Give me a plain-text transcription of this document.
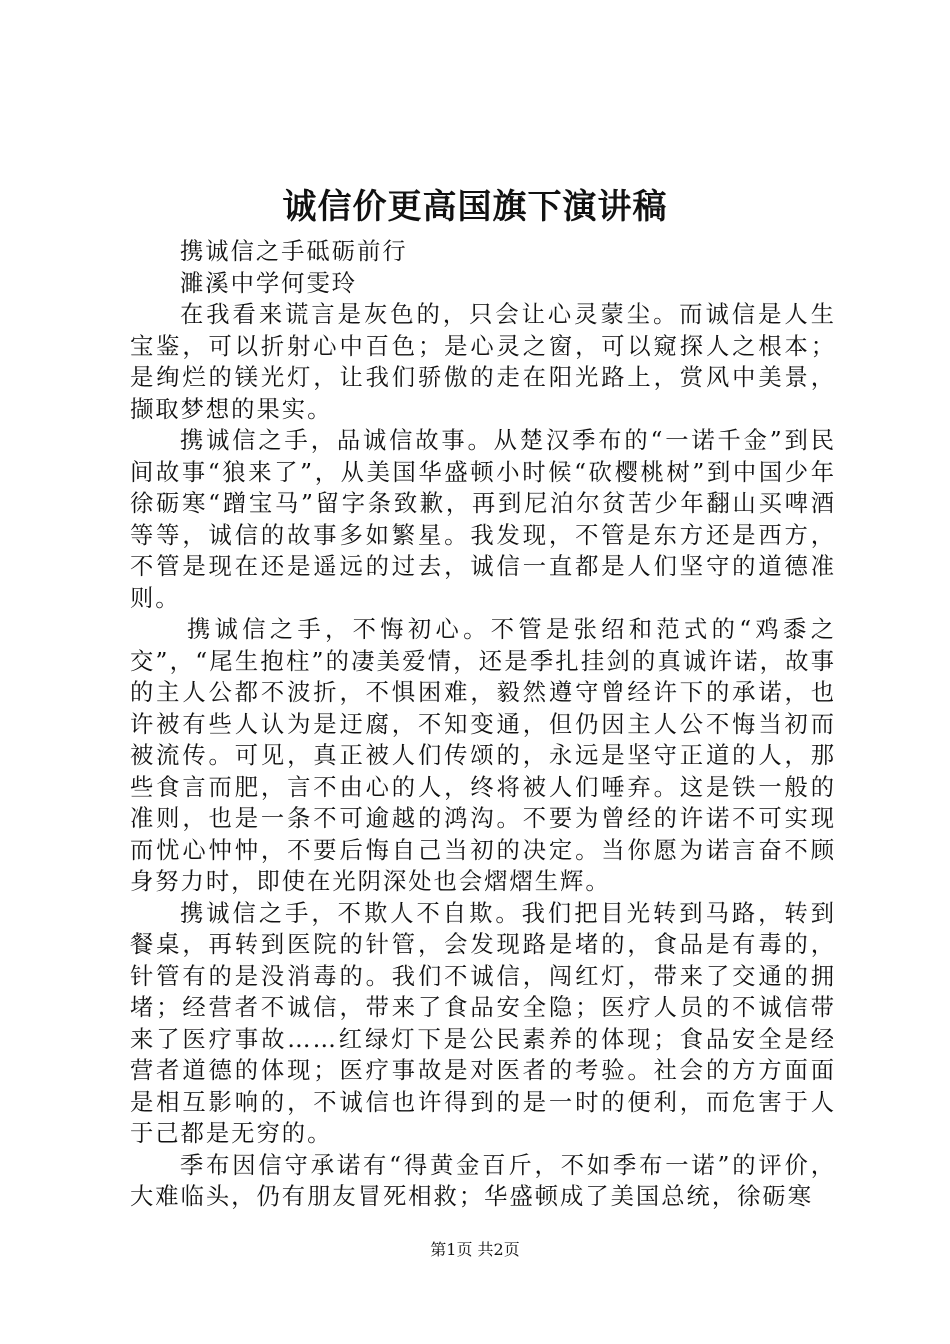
诚信价更高国旗下演讲稿

携诚信之手砥砺前行

濉溪中学何雯玲

在我看来谎言是灰色的，只会让心灵蒙尘。而诚信是人生宝鉴，可以折射心中百色；是心灵之窗，可以窥探人之根本；是绚烂的镁光灯，让我们骄傲的走在阳光路上，赏风中美景，撷取梦想的果实。

携诚信之手，品诚信故事。从楚汉季布的“一诺千金”到民间故事“狼来了”，从美国华盛顿小时候“砍樱桃树”到中国少年徐砺寒“蹭宝马”留字条致歉，再到尼泊尔贫苦少年翻山买啤酒等等，诚信的故事多如繁星。我发现，不管是东方还是西方，不管是现在还是遥远的过去，诚信一直都是人们坚守的道德准则。

携诚信之手，不悔初心。不管是张绍和范式的“鸡黍之交”，“尾生抱柱”的凄美爱情，还是季扎挂剑的真诚许诺，故事的主人公都不波折，不惧困难，毅然遵守曾经许下的承诺，也许被有些人认为是迂腐，不知变通，但仍因主人公不悔当初而被流传。可见，真正被人们传颂的，永远是坚守正道的人，那些食言而肥，言不由心的人，终将被人们唾弃。这是铁一般的准则，也是一条不可逾越的鸿沟。不要为曾经的许诺不可实现而忧心忡忡，不要后悔自己当初的决定。当你愿为诺言奋不顾身努力时，即使在光阴深处也会熠熠生辉。

携诚信之手，不欺人不自欺。我们把目光转到马路，转到餐桌，再转到医院的针管，会发现路是堵的，食品是有毒的，针管有的是没消毒的。我们不诚信，闯红灯，带来了交通的拥堵；经营者不诚信，带来了食品安全隐；医疗人员的不诚信带来了医疗事故……红绿灯下是公民素养的体现；食品安全是经营者道德的体现；医疗事故是对医者的考验。社会的方方面面是相互影响的，不诚信也许得到的是一时的便利，而危害于人于己都是无穷的。

季布因信守承诺有“得黄金百斤，不如季布一诺”的评价，大难临头，仍有朋友冒死相救；华盛顿成了美国总统，徐砺寒

第1页 共2页
